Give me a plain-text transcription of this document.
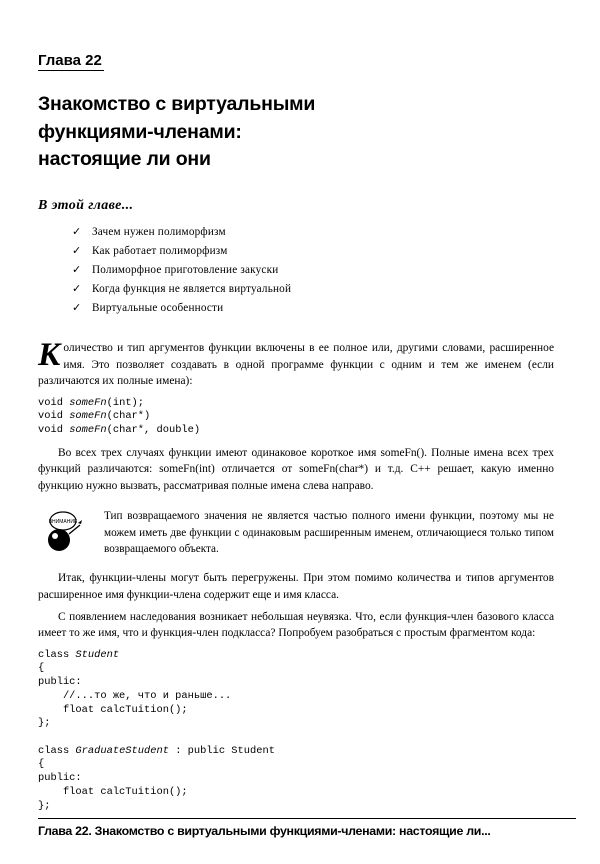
Глава 22
Знакомство с виртуальными
функциями-членами:
настоящие ли они
В этой главе...
✓ Зачем нужен полиморфизм
✓ Как работает полиморфизм
✓ Полиморфное приготовление закуски
✓ Когда функция не является виртуальной
✓ Виртуальные особенности

Количество и тип аргументов функции включены в ее полное или, другими словами, расширенное имя. Это позволяет создавать в одной программе функции с одним и тем же именем (если различаются их полные имена):

void someFn(int);
void someFn(char*)
void someFn(char*, double)

Во всех трех случаях функции имеют одинаковое короткое имя someFn(). Полные имена всех трех функций различаются: someFn(int) отличается от someFn(char*) и т.д. C++ решает, какую именно функцию нужно вызвать, рассматривая полные имена слева направо.

ВНИМАНИЕ Тип возвращаемого значения не является частью полного имени функции, поэтому мы не можем иметь две функции с одинаковым расширенным именем, отличающиеся только типом возвращаемого объекта.

Итак, функции-члены могут быть перегружены. При этом помимо количества и типов аргументов расширенное имя функции-члена содержит еще и имя класса.

С появлением наследования возникает небольшая неувязка. Что, если функция-член базового класса имеет то же имя, что и функция-член подкласса? Попробуем разобраться с простым фрагментом кода:

class Student
{
public:
//...то же, что и раньше...
float calcTuition();
};

class GraduateStudent : public Student
{
public:
float calcTuition();
};
Глава 22. Знакомство с виртуальными функциями-членами: настоящие ли...
